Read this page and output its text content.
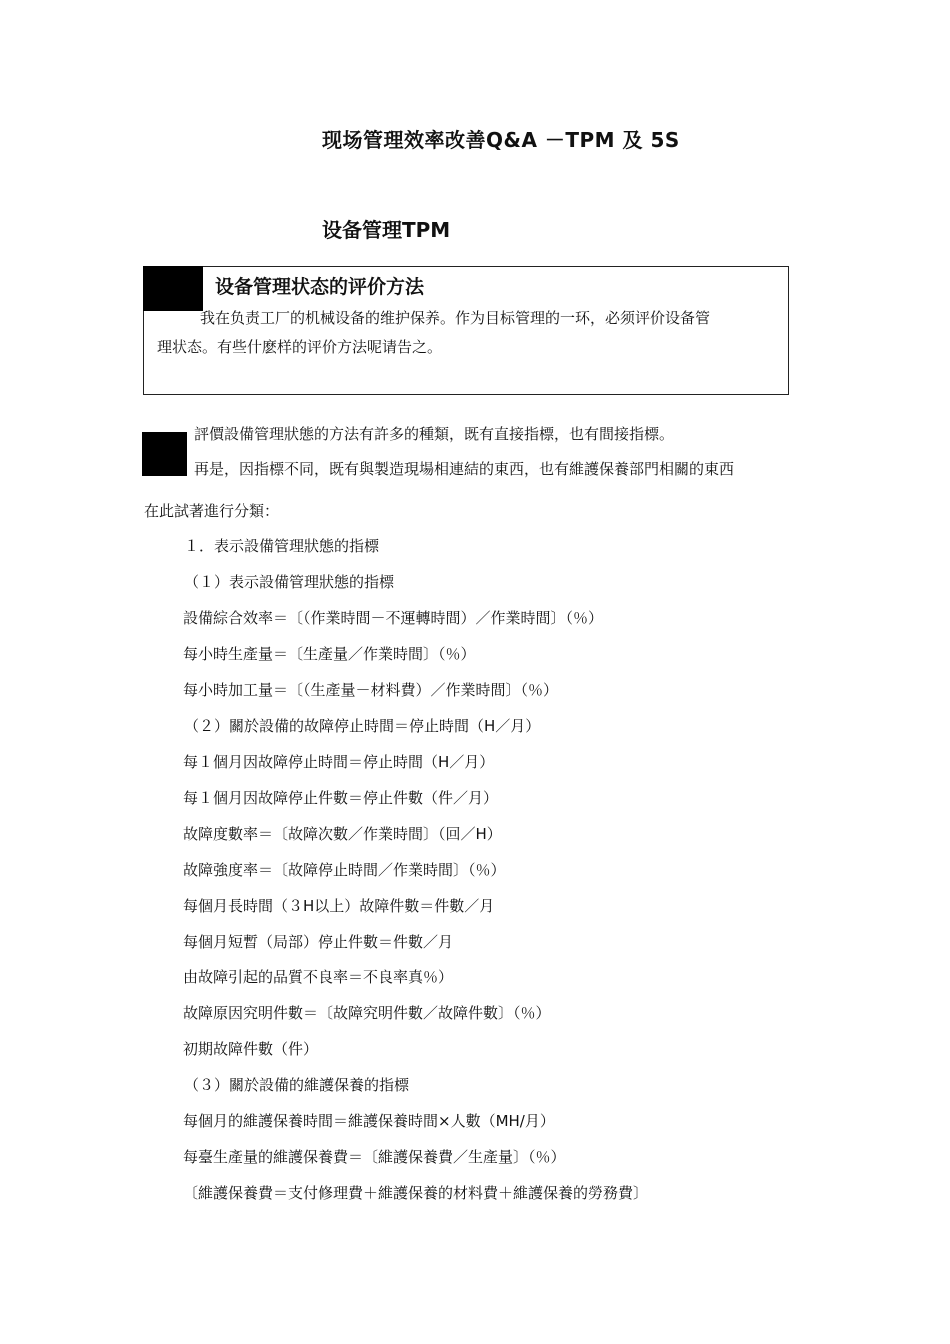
现场管理效率改善Q&A －TPM 及 5S
设备管理TPM
设备管理状态的评价方法
我在负责工厂的机械设备的维护保养。作为目标管理的一环，必须评价设备管
理状态。有些什麽样的评价方法呢请告之。
評價設備管理狀態的方法有許多的種類，既有直接指標，也有間接指標。
再是，因指標不同，既有與製造現場相連結的東西，也有維護保養部門相關的東西
在此試著進行分類：
１．表示設備管理狀態的指標
（１）表示設備管理狀態的指標
設備綜合效率＝〔（作業時間－不運轉時間）／作業時間〕（％）
每小時生產量＝〔生產量／作業時間〕（％）
每小時加工量＝〔（生產量－材料費）／作業時間〕（％）
（２）關於設備的故障停止時間＝停止時間（H／月）
每１個月因故障停止時間＝停止時間（H／月）
每１個月因故障停止件數＝停止件數（件／月）
故障度數率＝〔故障次數／作業時間〕（回／H）
故障強度率＝〔故障停止時間／作業時間〕（％）
每個月長時間（３H以上）故障件數＝件數／月
每個月短暫（局部）停止件數＝件數／月
由故障引起的品質不良率＝不良率真％）
故障原因究明件數＝〔故障究明件數／故障件數〕（％）
初期故障件數（件）
（３）關於設備的維護保養的指標
每個月的維護保養時間＝維護保養時間×人數（MH/月）
每臺生產量的維護保養費＝〔維護保養費／生產量〕（％）
〔維護保養費＝支付修理費＋維護保養的材料費＋維護保養的勞務費〕
